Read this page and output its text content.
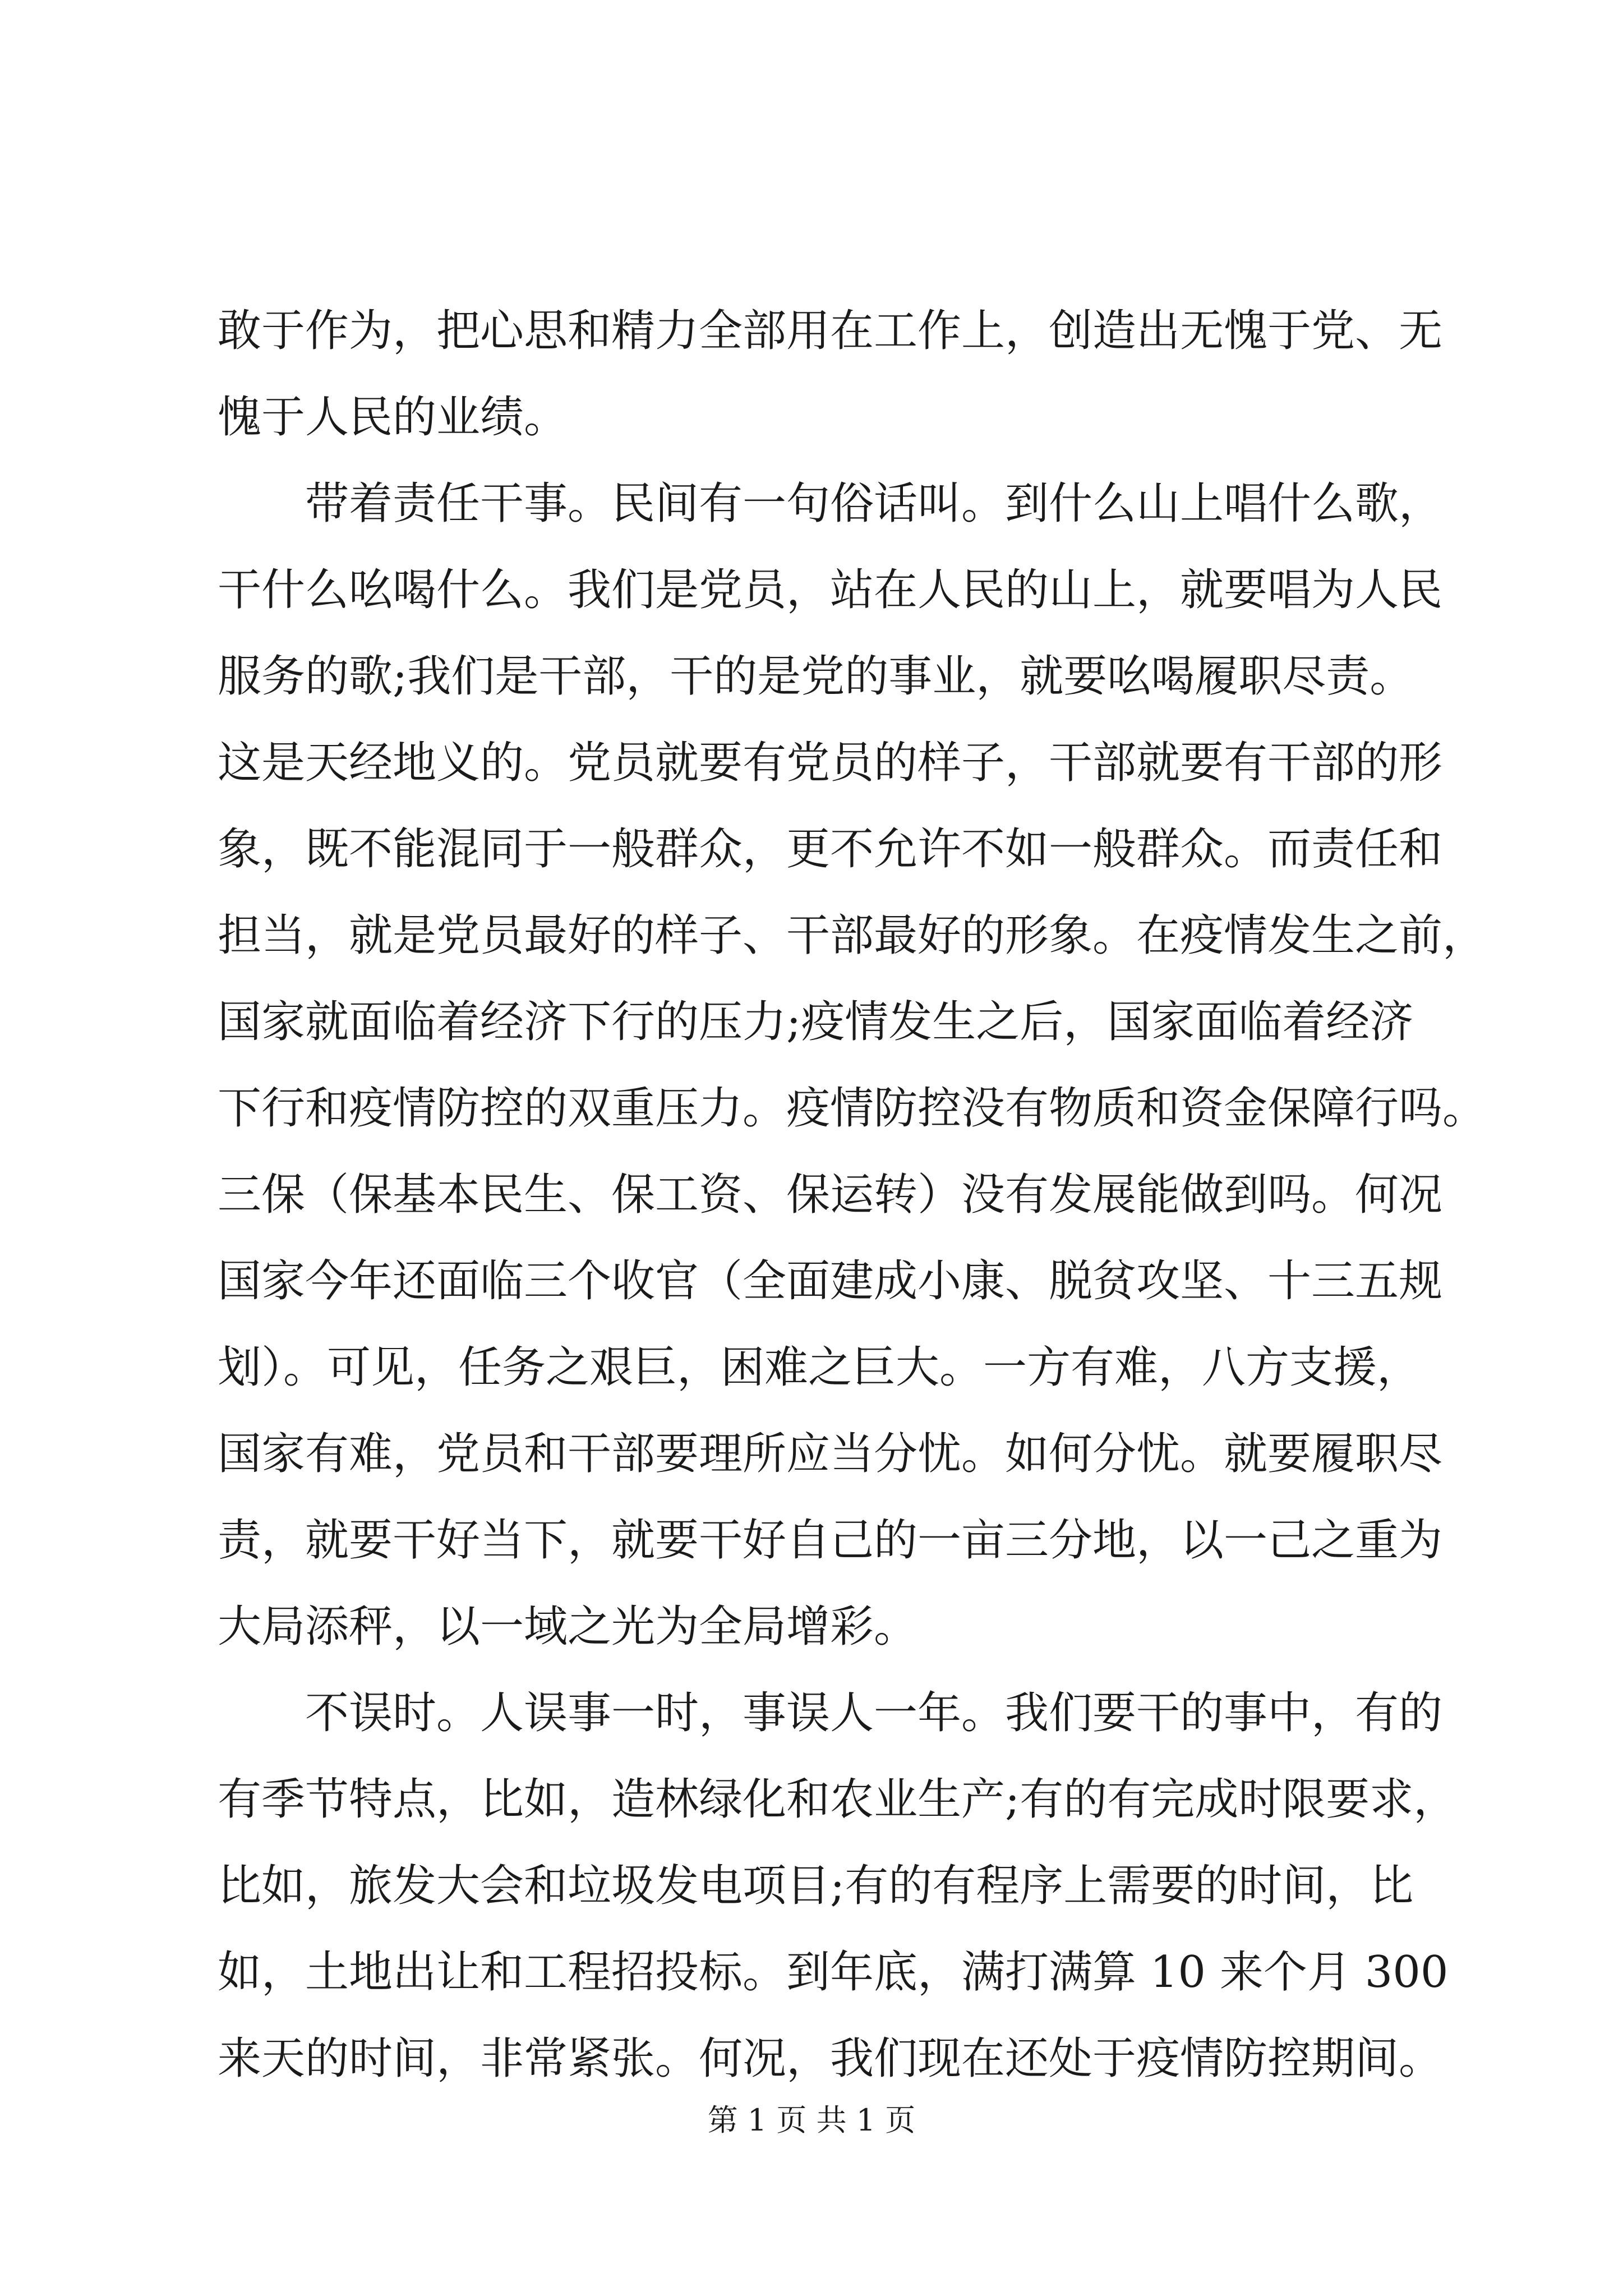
敢于作为，把心思和精力全部用在工作上，创造出无愧于党、无
愧于人民的业绩。
带着责任干事。民间有一句俗话叫。到什么山上唱什么歌，
干什么吆喝什么。我们是党员，站在人民的山上，就要唱为人民
服务的歌;我们是干部，干的是党的事业，就要吆喝履职尽责。
这是天经地义的。党员就要有党员的样子，干部就要有干部的形
象，既不能混同于一般群众，更不允许不如一般群众。而责任和
担当，就是党员最好的样子、干部最好的形象。在疫情发生之前，
国家就面临着经济下行的压力;疫情发生之后，国家面临着经济
下行和疫情防控的双重压力。疫情防控没有物质和资金保障行吗。
三保（保基本民生、保工资、保运转）没有发展能做到吗。何况
国家今年还面临三个收官（全面建成小康、脱贫攻坚、十三五规
划）。可见，任务之艰巨，困难之巨大。一方有难，八方支援，
国家有难，党员和干部要理所应当分忧。如何分忧。就要履职尽
责，就要干好当下，就要干好自己的一亩三分地，以一己之重为
大局添秤，以一域之光为全局增彩。
不误时。人误事一时，事误人一年。我们要干的事中，有的
有季节特点，比如，造林绿化和农业生产;有的有完成时限要求，
比如，旅发大会和垃圾发电项目;有的有程序上需要的时间，比
如，土地出让和工程招投标。到年底，满打满算 10 来个月 300
来天的时间，非常紧张。何况，我们现在还处于疫情防控期间。
第 1 页 共 1 页
